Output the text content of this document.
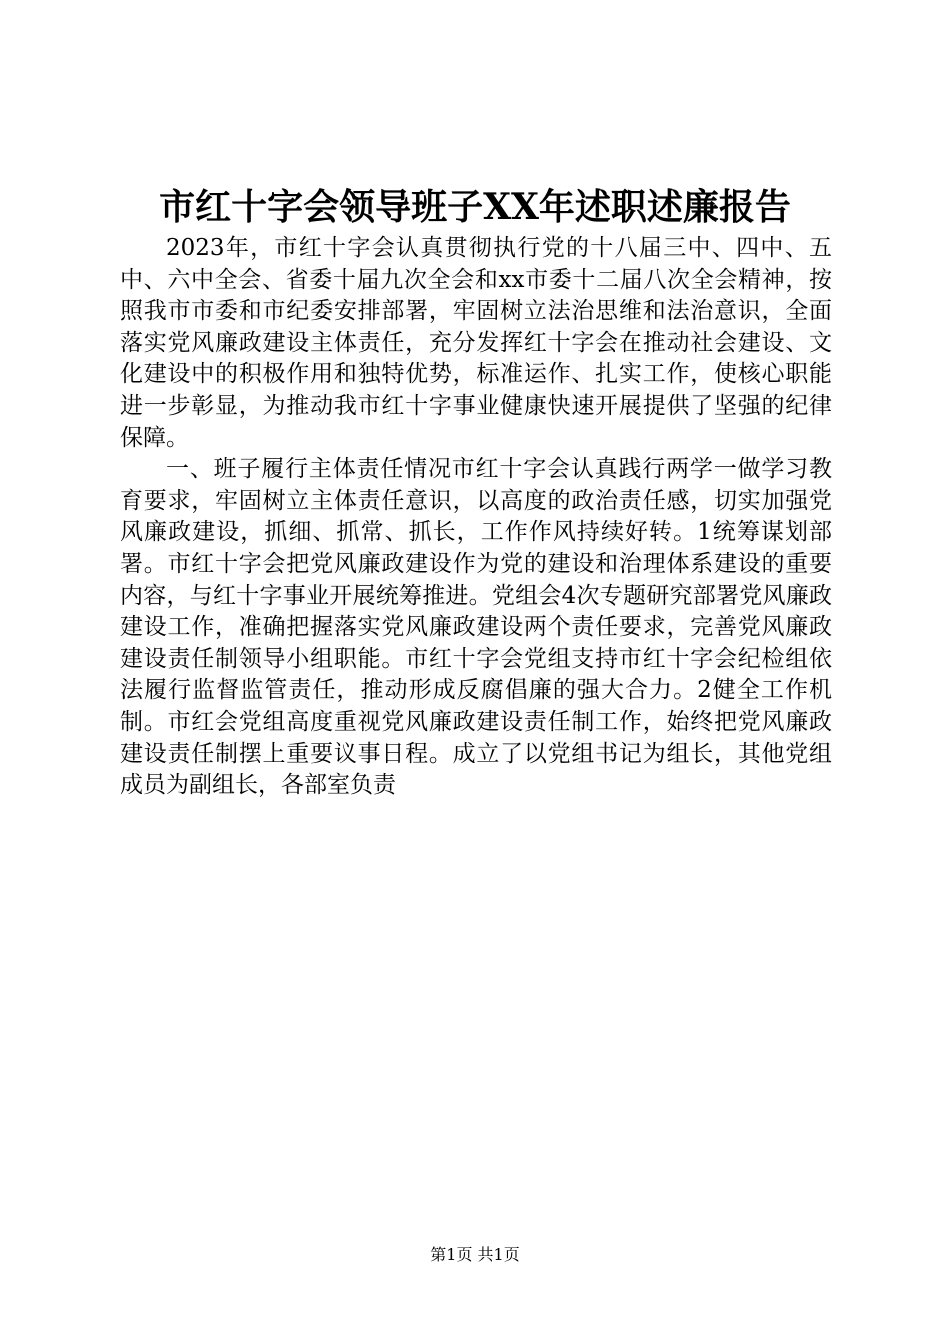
市红十字会领导班子XX年述职述廉报告

2023年，市红十字会认真贯彻执行党的十八届三中、四中、五中、六中全会、省委十届九次全会和xx市委十二届八次全会精神，按照我市市委和市纪委安排部署，牢固树立法治思维和法治意识，全面落实党风廉政建设主体责任，充分发挥红十字会在推动社会建设、文化建设中的积极作用和独特优势，标准运作、扎实工作，使核心职能进一步彰显，为推动我市红十字事业健康快速开展提供了坚强的纪律保障。

一、班子履行主体责任情况市红十字会认真践行两学一做学习教育要求，牢固树立主体责任意识，以高度的政治责任感，切实加强党风廉政建设，抓细、抓常、抓长，工作作风持续好转。1统筹谋划部署。市红十字会把党风廉政建设作为党的建设和治理体系建设的重要内容，与红十字事业开展统筹推进。党组会4次专题研究部署党风廉政建设工作，准确把握落实党风廉政建设两个责任要求，完善党风廉政建设责任制领导小组职能。市红十字会党组支持市红十字会纪检组依法履行监督监管责任，推动形成反腐倡廉的强大合力。2健全工作机制。市红会党组高度重视党风廉政建设责任制工作，始终把党风廉政建设责任制摆上重要议事日程。成立了以党组书记为组长，其他党组成员为副组长，各部室负责

第1页 共1页
